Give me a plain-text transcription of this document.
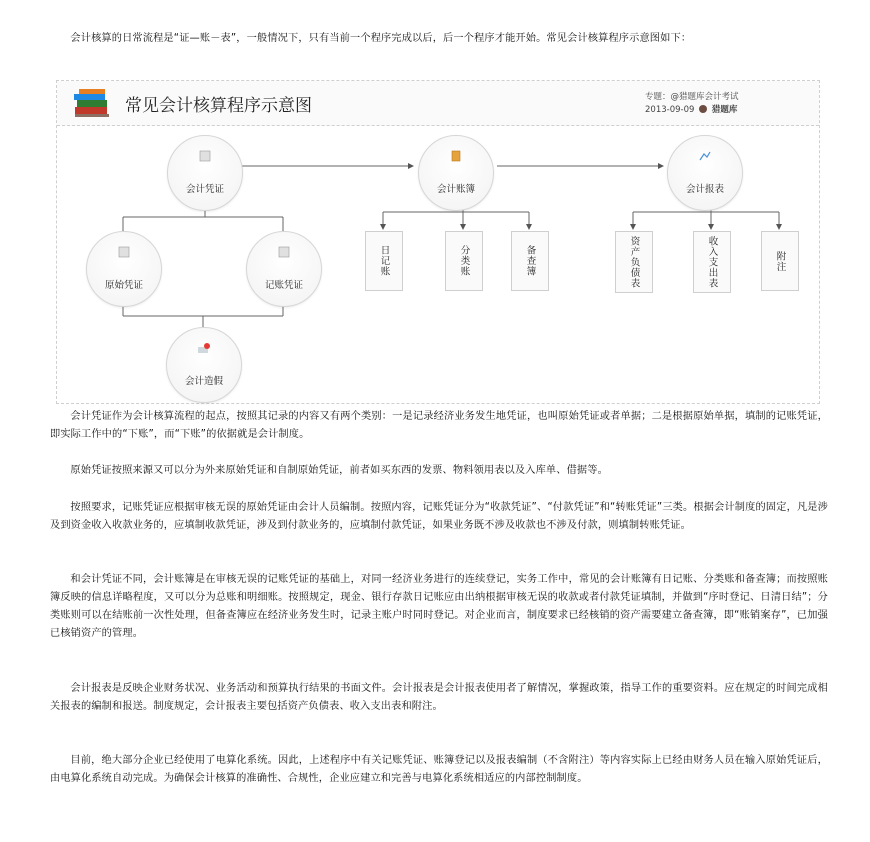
会计核算的日常流程是“证—账－表”，一般情况下，只有当前一个程序完成以后，后一个程序才能开始。常见会计核算程序示意图如下：

常见会计核算程序示意图	专题：@猎题库会计考试
2013-09-09 猎题库
会计凭证	会计账簿	会计报表
原始凭证	记账凭证
会计造假
日记账	分类账	备查簿	资产负债表	收入支出表	附注

会计凭证作为会计核算流程的起点，按照其记录的内容又有两个类别：一是记录经济业务发生地凭证，也叫原始凭证或者单据；二是根据原始单据，填制的记账凭证，即实际工作中的“下账”，而“下账”的依据就是会计制度。

原始凭证按照来源又可以分为外来原始凭证和自制原始凭证，前者如买东西的发票、物料领用表以及入库单、借据等。

按照要求，记账凭证应根据审核无误的原始凭证由会计人员编制。按照内容，记账凭证分为“收款凭证”、“付款凭证”和“转账凭证”三类。根据会计制度的固定，凡是涉及到资金收入收款业务的，应填制收款凭证，涉及到付款业务的，应填制付款凭证，如果业务既不涉及收款也不涉及付款，则填制转账凭证。

和会计凭证不同，会计账簿是在审核无误的记账凭证的基础上，对同一经济业务进行的连续登记，实务工作中，常见的会计账簿有日记账、分类账和备查簿；而按照账簿反映的信息详略程度，又可以分为总账和明细账。按照规定，现金、银行存款日记账应由出纳根据审核无误的收款或者付款凭证填制，并做到“序时登记、日清日结”；分类账则可以在结账前一次性处理，但备查簿应在经济业务发生时，记录主账户时同时登记。对企业而言，制度要求已经核销的资产需要建立备查簿，即“账销案存”，已加强已核销资产的管理。

会计报表是反映企业财务状况、业务活动和预算执行结果的书面文件。会计报表是会计报表使用者了解情况，掌握政策，指导工作的重要资料。应在规定的时间完成相关报表的编制和报送。制度规定，会计报表主要包括资产负债表、收入支出表和附注。

目前，绝大部分企业已经使用了电算化系统。因此，上述程序中有关记账凭证、账簿登记以及报表编制（不含附注）等内容实际上已经由财务人员在输入原始凭证后，由电算化系统自动完成。为确保会计核算的准确性、合规性，企业应建立和完善与电算化系统相适应的内部控制制度。
